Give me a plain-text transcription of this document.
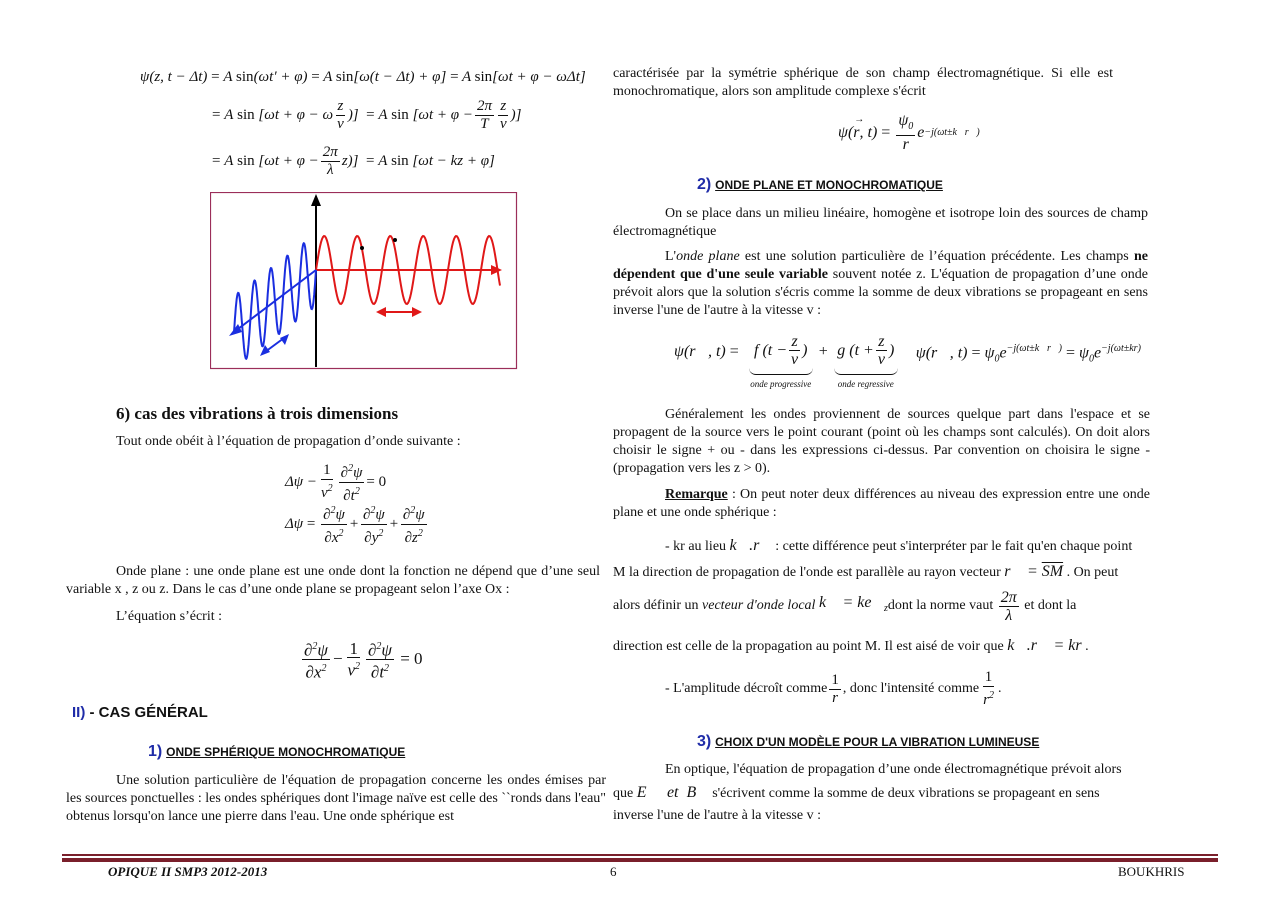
ψ(z, t − Δt) = A sin(ωt′ + φ) = A sin[ω(t − Δt) + φ] = A sin[ωt + φ − ωΔt]
= A sin [ωt + φ − ω $\frac{z}{v}$ )] = A $\sin [\omega t + \varphi - \frac{2\pi}{T} \frac{z}{v}$ )]
= A $\sin [\omega t + \varphi - \frac{2\pi}{\lambda} z)] = A$ sin [ωt − kz + φ]
6) cas des vibrations à trois dimensions
Tout onde obéit à l’équation de propagation d’onde suivante :
$\Delta\psi - \frac{1}{v^2} \frac{\partial^2\psi}{\partial t^2} = 0$
$\Delta\psi = \frac{\partial^2\psi}{\partial x^2} + \frac{\partial^2\psi}{\partial y^2} + \frac{\partial^2\psi}{\partial z^2}$
Onde plane : une onde plane est une onde dont la fonction ne dépend que d’une seul variable x , z ou z. Dans le cas d’une onde plane se propageant selon l’axe Ox :
L’équation s’écrit :
$\frac{\partial^2\psi}{\partial x^2} - \frac{1}{v^2} \frac{\partial^2\psi}{\partial t^2} = 0$
II) - CAS GÉNÉRAL
1) ONDE SPHÉRIQUE MONOCHROMATIQUE
Une solution particulière de l'équation de propagation concerne les ondes émises par les sources ponctuelles : les ondes sphériques dont l'image naïve est celle des ``ronds dans l'eau" obtenus lorsqu'on lance une pierre dans l'eau. Une onde sphérique est
caractérisée par la symétrie sphérique de son champ électromagnétique. Si elle est monochromatique, alors son amplitude complexe s'écrit
ψ( r
→
, $t) = \frac{\psi_0}{r}$ e −j(ωt±k⃗r⃗)
2) ONDE PLANE ET MONOCHROMATIQUE
On se place dans un milieu linéaire, homogène et isotrope loin des sources de champ électromagnétique
L'onde plane est une solution particulière de l’équation précédente. Les champs ne dépendent que d'une seule variable souvent notée z. L'équation de propagation d’une onde prévoit alors que la solution s'écris comme la somme de deux vibrations se propageant en sens inverse l'une de l'autre à la vitesse v :
ψ(r⃗, t) = f ($t - \frac{z}{v}$ )
onde progressive
+ g ($t + \frac{z}{v}$ )
onde regressive
ψ(r⃗, $t) = \psi_0e^{-j(\omega t\pm k⃗r⃗)} = \psi_0e^{-j(\omega t\pm kr)}$
Généralement les ondes proviennent de sources quelque part dans l'espace et se propagent de la source vers le point courant (point où les champs sont calculés). On doit alors choisir le signe + ou - dans les expressions ci-dessus. Par convention on choisira le signe - (propagation vers les z > 0).
Remarque : On peut noter deux différences au niveau des expression entre une onde plane et une onde sphérique :
- kr au lieu k⃗.r⃗ : cette différence peut s'interpréter par le fait qu'en chaque point
M la direction de propagation de l'onde est parallèle au rayon vecteur r⃗ = $\overline{SM}$ . On peut
alors définir un
vecteur d'onde local
k⃗ = $ke⃗_z$ dont la norme vaut
$\frac{2\pi}{\lambda}$
et dont la
direction est celle de la propagation au point M. Il est aisé de voir que k⃗.r⃗ = kr .
- L'amplitude décroît comme $\frac{1}{r}$ , donc l'intensité comme $\frac{1}{r^2}$ .
3) CHOIX D'UN MODÈLE POUR LA VIBRATION LUMINEUSE
En optique, l'équation de propagation d’une onde électromagnétique prévoit alors
que E⃗  et  B⃗ s'écrivent comme la somme de deux vibrations se propageant en sens
inverse l'une de l'autre à la vitesse v :
OPIQUE II SMP3 2012-2013	6	BOUKHRIS
